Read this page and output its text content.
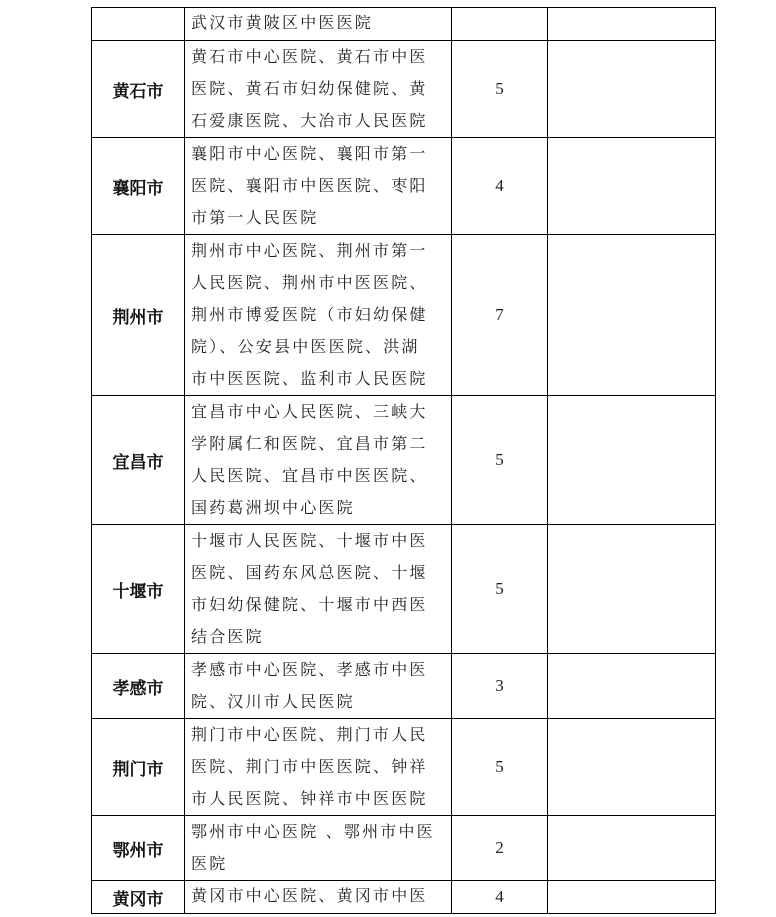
	武汉市黄陂区中医医院		

黄石市	黄石市中心医院、黄石市中医
医院、黄石市妇幼保健院、黄
石爱康医院、大冶市人民医院	5	
襄阳市	襄阳市中心医院、襄阳市第一
医院、襄阳市中医医院、枣阳
市第一人民医院	4	
荆州市	荆州市中心医院、荆州市第一
人民医院、荆州市中医医院、
荆州市博爱医院（市妇幼保健
院）、公安县中医医院、洪湖
市中医医院、监利市人民医院	7	
宜昌市	宜昌市中心人民医院、三峡大
学附属仁和医院、宜昌市第二
人民医院、宜昌市中医医院、
国药葛洲坝中心医院	5	
十堰市	十堰市人民医院、十堰市中医
医院、国药东风总医院、十堰
市妇幼保健院、十堰市中西医
结合医院	5	
孝感市	孝感市中心医院、孝感市中医
院、汉川市人民医院	3	
荆门市	荆门市中心医院、荆门市人民
医院、荆门市中医医院、钟祥
市人民医院、钟祥市中医医院	5	
鄂州市	鄂州市中心医院 、鄂州市中医
医院	2	
黄冈市	黄冈市中心医院、黄冈市中医	4	
